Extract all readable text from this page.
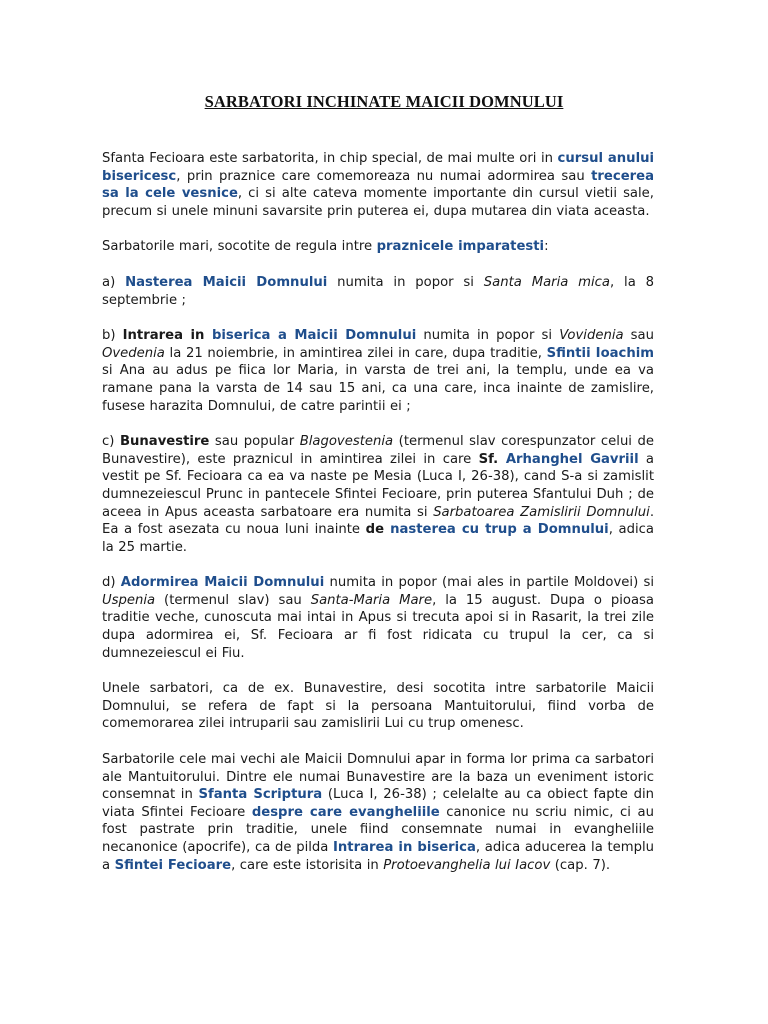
SARBATORI INCHINATE MAICII DOMNULUI

Sfanta Fecioara este sarbatorita, in chip special, de mai multe ori in cursul anului bisericesc, prin praznice care comemoreaza nu numai adormirea sau trecerea sa la cele vesnice, ci si alte cateva momente importante din cursul vietii sale, precum si unele minuni savarsite prin puterea ei, dupa mutarea din viata aceasta.

Sarbatorile mari, socotite de regula intre praznicele imparatesti:

a) Nasterea Maicii Domnului numita in popor si Santa Maria mica, la 8 septembrie ;

b) Intrarea in biserica a Maicii Domnului numita in popor si Vovidenia sau Ovedenia la 21 noiembrie, in amintirea zilei in care, dupa traditie, Sfintii Ioachim si Ana au adus pe fiica lor Maria, in varsta de trei ani, la templu, unde ea va ramane pana la varsta de 14 sau 15 ani, ca una care, inca inainte de zamislire, fusese harazita Domnului, de catre parintii ei ;

c) Bunavestire sau popular Blagovestenia (termenul slav corespunzator celui de Bunavestire), este praznicul in amintirea zilei in care Sf. Arhanghel Gavriil a vestit pe Sf. Fecioara ca ea va naste pe Mesia (Luca I, 26-38), cand S-a si zamislit dumnezeiescul Prunc in pantecele Sfintei Fecioare, prin puterea Sfantului Duh ; de aceea in Apus aceasta sarbatoare era numita si Sarbatoarea Zamislirii Domnului. Ea a fost asezata cu noua luni inainte de nasterea cu trup a Domnului, adica la 25 martie.

d) Adormirea Maicii Domnului numita in popor (mai ales in partile Moldovei) si Uspenia (termenul slav) sau Santa-Maria Mare, la 15 august. Dupa o pioasa traditie veche, cunoscuta mai intai in Apus si trecuta apoi si in Rasarit, la trei zile dupa adormirea ei, Sf. Fecioara ar fi fost ridicata cu trupul la cer, ca si dumnezeiescul ei Fiu.

Unele sarbatori, ca de ex. Bunavestire, desi socotita intre sarbatorile Maicii Domnului, se refera de fapt si la persoana Mantuitorului, fiind vorba de comemorarea zilei intruparii sau zamislirii Lui cu trup omenesc.

Sarbatorile cele mai vechi ale Maicii Domnului apar in forma lor prima ca sarbatori ale Mantuitorului. Dintre ele numai Bunavestire are la baza un eveniment istoric consemnat in Sfanta Scriptura (Luca I, 26-38) ; celelalte au ca obiect fapte din viata Sfintei Fecioare despre care evangheliile canonice nu scriu nimic, ci au fost pastrate prin traditie, unele fiind consemnate numai in evangheliile necanonice (apocrife), ca de pilda Intrarea in biserica, adica aducerea la templu a Sfintei Fecioare, care este istorisita in Protoevanghelia lui Iacov (cap. 7).
